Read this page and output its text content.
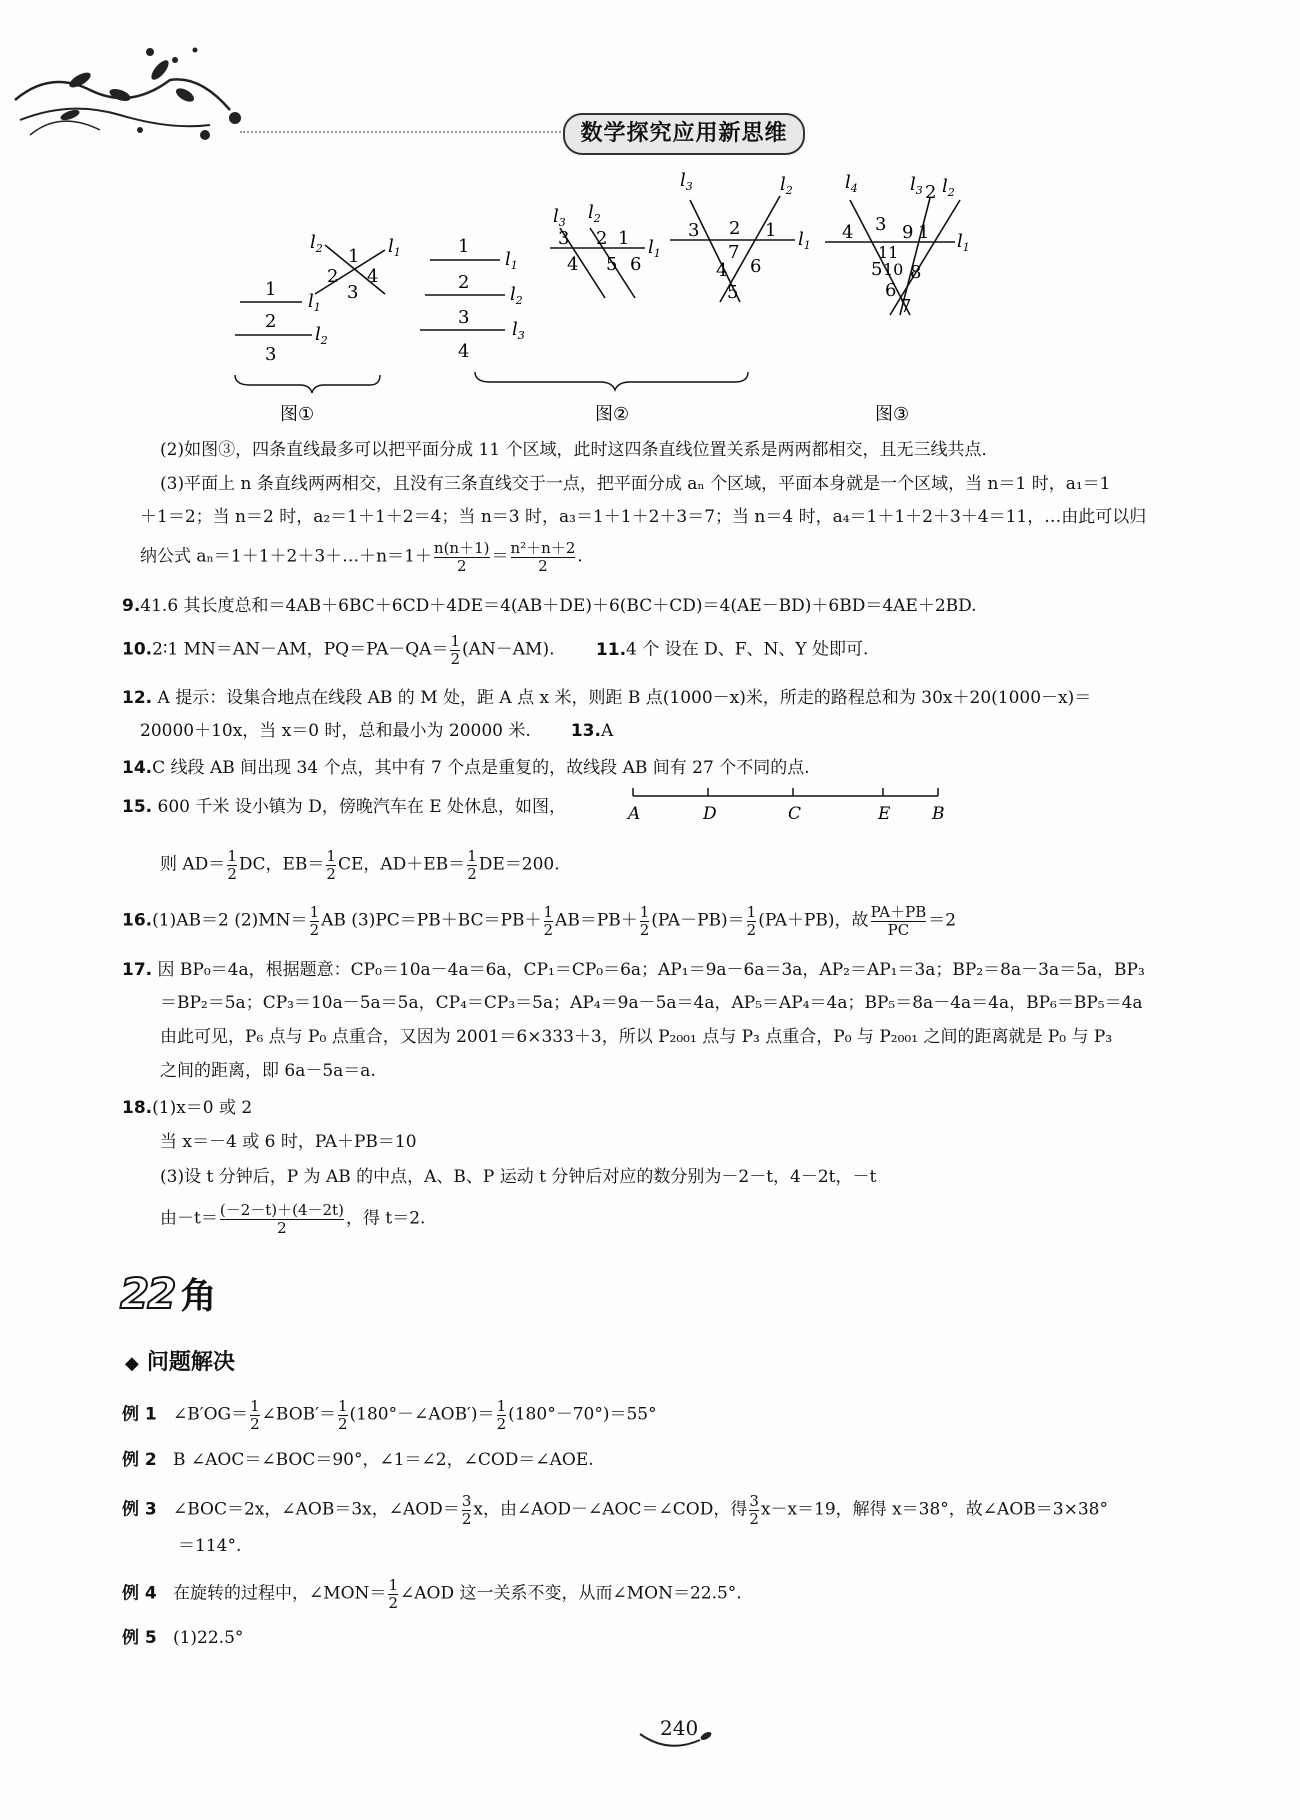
数学探究应用新思维
1
2
3
$l_1$
$l_2$
$l_2$	$l_1$
1
2
3
4
图①
1
2
3
4
$l_1$
$l_2$
$l_3$
$l_3$ $l_2$
$l_1$
3 2 1
4 5 6
$l_3$	$l_2$
$l_1$
3 2 1
7
4 6
5
图②
$l_4$	$l_3$ $l_2$
$l_1$
4 3 9 1
11
5 10 8
6
7
2
图③
(2)如图③，四条直线最多可以把平面分成 11 个区域，此时这四条直线位置关系是两两都相交，且无三线共点．
(3)平面上 n 条直线两两相交，且没有三条直线交于一点，把平面分成 aₙ 个区域，平面本身就是一个区域，当 n＝1 时，a₁＝1
＋1＝2；当 n＝2 时，a₂＝1＋1＋2＝4；当 n＝3 时，a₃＝1＋1＋2＋3＝7；当 n＝4 时，a₄＝1＋1＋2＋3＋4＝11，…由此可以归
纳公式 aₙ＝1＋1＋2＋3＋…＋n＝1＋ $\frac{n(n+1)}{2} = \frac{\text{n²＋n＋2}}{2}$ .
9.41.6 其长度总和＝4AB＋6BC＋6CD＋4DE＝4(AB＋DE)＋6(BC＋CD)＝4(AE－BD)＋6BD＝4AE＋2BD.
10.2∶1 MN＝AN－AM，$PQ=PA-QA= \frac{1}{2} (AN-AM)$. 11.4 个 设在 D、F、N、Y 处即可.
12. A 提示：设集合地点在线段 AB 的 M 处，距 A 点 x 米，则距 B 点(1000－x)米，所走的路程总和为 30x＋20(1000－x)＝
20000＋10x，当 x＝0 时，总和最小为 20000 米. 13.A
14.C 线段 AB 间出现 34 个点，其中有 7 个点是重复的，故线段 AB 间有 27 个不同的点.
15. 600 千米 设小镇为 D，傍晚汽车在 E 处休息，如图，	A	D	C	E B
则 $AD= \frac{1}{2}$ DC，$EB= \frac{1}{2}$ CE，$AD+EB= \frac{1}{2} DE=200$.
16.(1)AB＝2 $(2)MN= \frac{1}{2}$ AB $(3)PC=PB+BC=PB+ \frac{1}{2} AB=PB+ \frac{1}{2} (PA-PB)= \frac{1}{2} (PA+PB)$，故 $\frac{PA+PB}{PC} =2$
17. 因 BP₀＝4a，根据题意：CP₀＝10a－4a＝6a，CP₁＝CP₀＝6a；AP₁＝9a－6a＝3a，AP₂＝AP₁＝3a；BP₂＝8a－3a＝5a，BP₃
＝BP₂＝5a；CP₃＝10a－5a＝5a，CP₄＝CP₃＝5a；AP₄＝9a－5a＝4a，AP₅＝AP₄＝4a；BP₅＝8a－4a＝4a，BP₆＝BP₅＝4a
由此可见，P₆ 点与 P₀ 点重合，又因为 2001＝6×333＋3，所以 P₂₀₀₁ 点与 P₃ 点重合，P₀ 与 P₂₀₀₁ 之间的距离就是 P₀ 与 P₃
之间的距离，即 6a－5a＝a.
18.(1)x＝0 或 2
当 x＝－4 或 6 时，PA＋PB＝10
(3)设 t 分钟后，P 为 AB 的中点，A、B、P 运动 t 分钟后对应的数分别为－2－t，4－2t，－t
由$-t= \frac{(-2-t)+(4-2t)}{2}$ ，得 t＝2.
22 角
◆ 问题解决
例 1 ∠B′OG＝ $\frac{1}{2}$ ∠BOB′＝ $\frac{1}{2}$ (180°－∠AOB′)＝ $\frac{1}{2} (180^\circ-70^\circ)=55^\circ$
例 2 B ∠AOC＝∠BOC＝90°，∠1＝∠2，∠COD＝∠AOE.
例 3 ∠BOC＝2x，∠AOB＝3x，∠AOD＝ $\frac{3}{2}$ x，由∠AOD－∠AOC＝∠COD，得 $\frac{3}{2} x-x=19$，解得 x＝38°，故∠AOB＝3×38°
＝114°.
例 4 在旋转的过程中，∠MON＝ $\frac{1}{2}$ ∠AOD 这一关系不变，从而∠MON＝22.5°.
例 5 (1)22.5°
240
